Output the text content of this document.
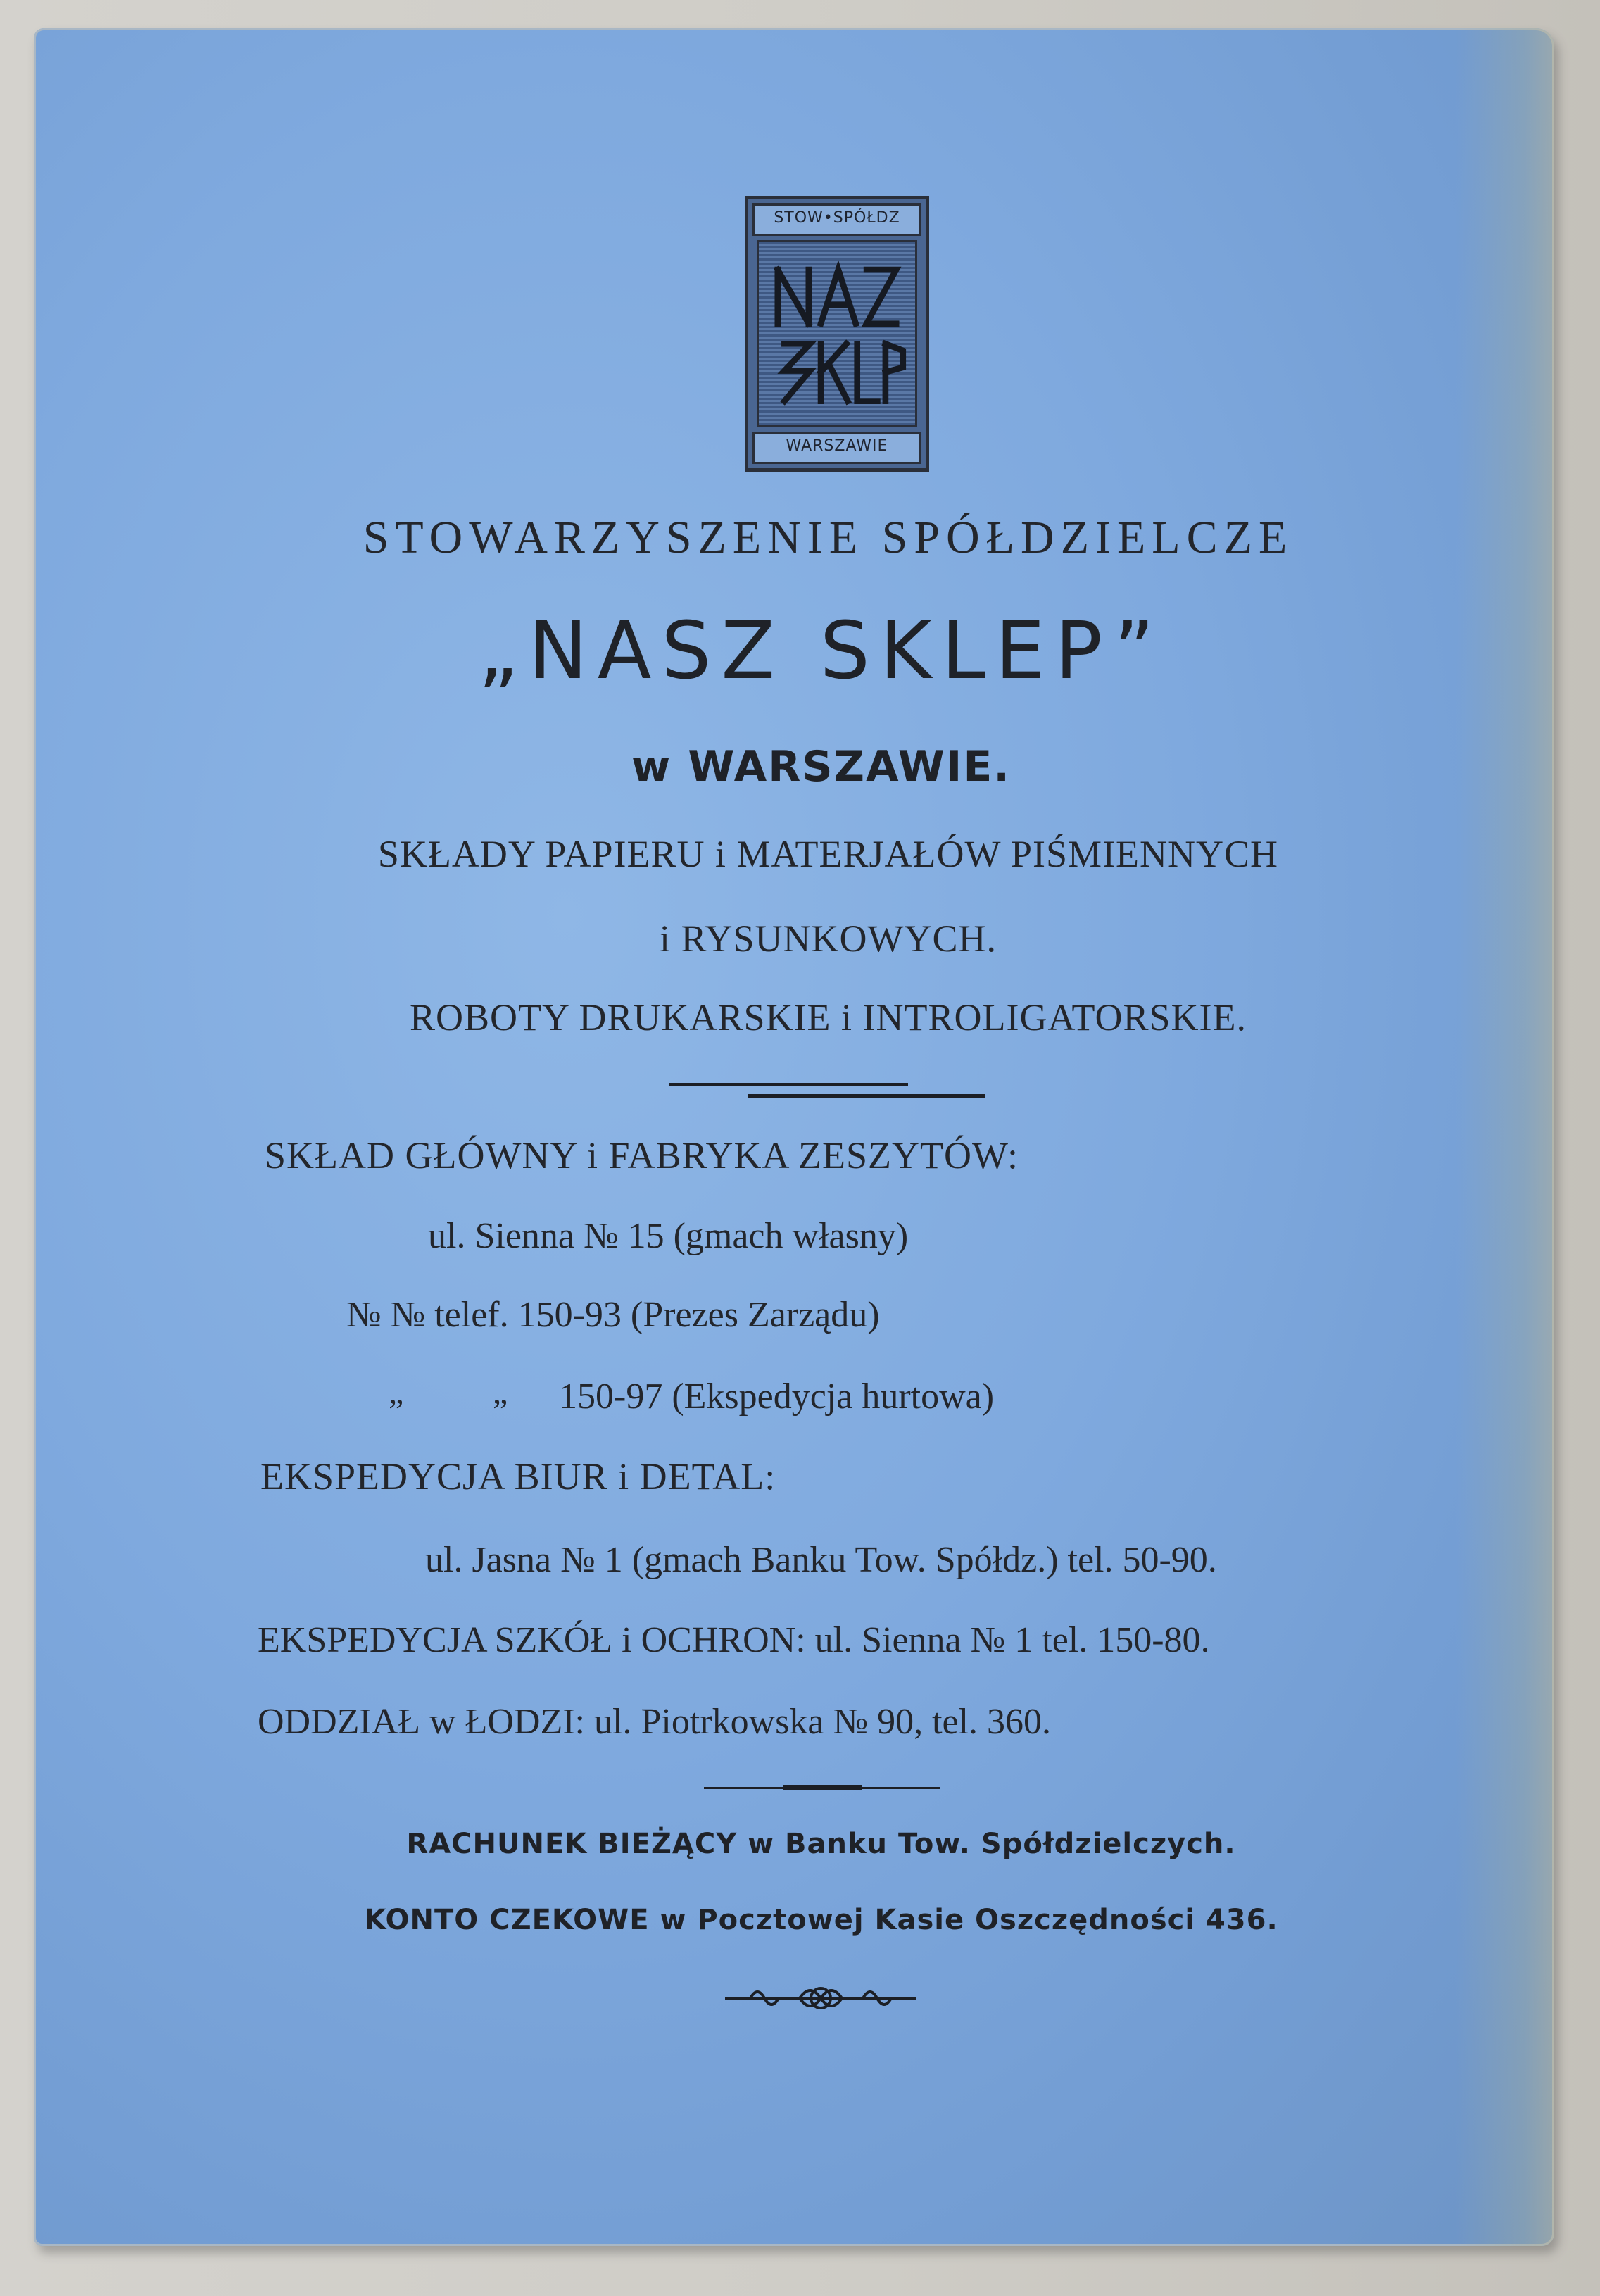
STOW•SPÓŁDZ
WARSZAWIE
STOWARZYSZENIE SPÓŁDZIELCZE
„NASZ SKLEP”
w WARSZAWIE.
SKŁADY PAPIERU i MATERJAŁÓW PIŚMIENNYCH
i RYSUNKOWYCH.
ROBOTY DRUKARSKIE i INTROLIGATORSKIE.
SKŁAD GŁÓWNY i FABRYKA ZESZYTÓW:
ul. Sienna № 15 (gmach własny)
№ № telef. 150-93 (Prezes Zarządu)
„	„ 150-97 (Ekspedycja hurtowa)
EKSPEDYCJA BIUR i DETAL:
ul. Jasna № 1 (gmach Banku Tow. Spółdz.) tel. 50-90.
EKSPEDYCJA SZKÓŁ i OCHRON: ul. Sienna № 1 tel. 150-80.
ODDZIAŁ w ŁODZI: ul. Piotrkowska № 90, tel. 360.
RACHUNEK BIEŻĄCY w Banku Tow. Spółdzielczych.
KONTO CZEKOWE w Pocztowej Kasie Oszczędności 436.
